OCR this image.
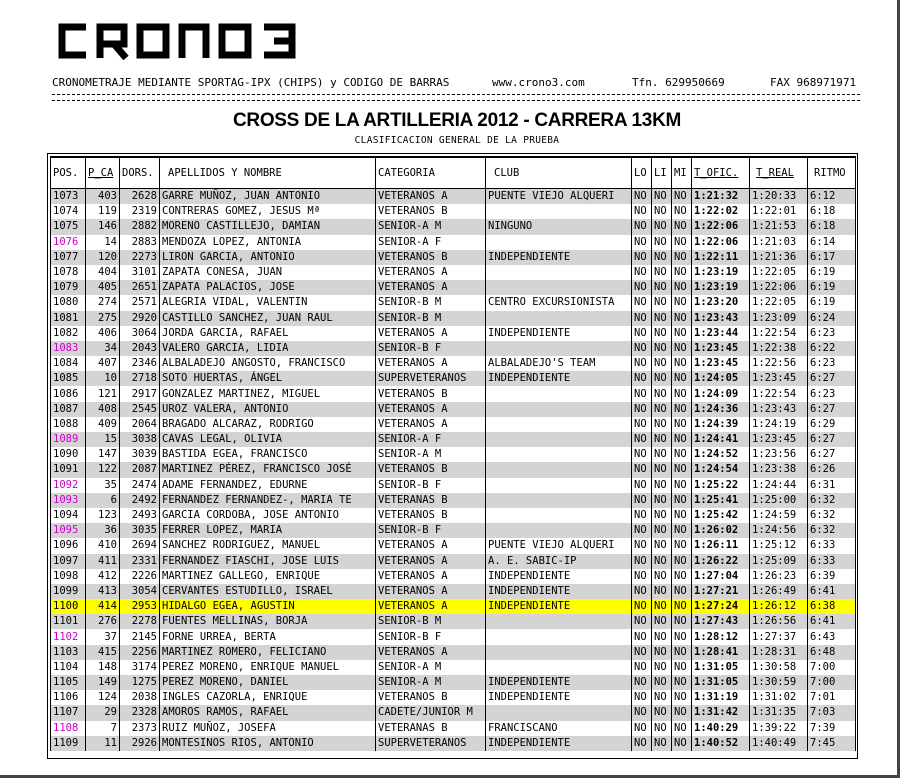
CRONOMETRAJE MEDIANTE SPORTAG-IPX (CHIPS) y CODIGO DE BARRAS	www.crono3.com	Tfn. 629950669	FAX 968971971
CROSS DE LA ARTILLERIA 2012 - CARRERA 13KM
CLASIFICACION GENERAL DE LA PRUEBA
POS.	P_CA	DORS.	APELLIDOS Y NOMBRE	CATEGORIA	CLUB	LO	LI	MI	T_OFIC.	T_REAL	RITMO
1073	403	2628	GARRE MUÑOZ, JUAN ANTONIO	VETERANOS A	PUENTE VIEJO ALQUERI	NO	NO	NO	1:21:32	1:20:33	6:12
1074	119	2319	CONTRERAS GOMEZ, JESUS Mª	VETERANOS B		NO	NO	NO	1:22:02	1:22:01	6:18
1075	146	2882	MORENO CASTILLEJO, DAMIAN	SENIOR-A M	NINGUNO	NO	NO	NO	1:22:06	1:21:53	6:18
1076	14	2883	MENDOZA LOPEZ, ANTONIA	SENIOR-A F		NO	NO	NO	1:22:06	1:21:03	6:14
1077	120	2273	LIRON GARCIA, ANTONIO	VETERANOS B	INDEPENDIENTE	NO	NO	NO	1:22:11	1:21:36	6:17
1078	404	3101	ZAPATA CONESA, JUAN	VETERANOS A		NO	NO	NO	1:23:19	1:22:05	6:19
1079	405	2651	ZAPATA PALACIOS, JOSE	VETERANOS A		NO	NO	NO	1:23:19	1:22:06	6:19
1080	274	2571	ALEGRIA VIDAL, VALENTIN	SENIOR-B M	CENTRO EXCURSIONISTA	NO	NO	NO	1:23:20	1:22:05	6:19
1081	275	2920	CASTILLO SANCHEZ, JUAN RAUL	SENIOR-B M		NO	NO	NO	1:23:43	1:23:09	6:24
1082	406	3064	JORDA GARCIA, RAFAEL	VETERANOS A	INDEPENDIENTE	NO	NO	NO	1:23:44	1:22:54	6:23
1083	34	2043	VALERO GARCIA, LIDIA	SENIOR-B F		NO	NO	NO	1:23:45	1:22:38	6:22
1084	407	2346	ALBALADEJO ANGOSTO, FRANCISCO	VETERANOS A	ALBALADEJO'S TEAM	NO	NO	NO	1:23:45	1:22:56	6:23
1085	10	2718	SOTO HUERTAS, ÁNGEL	SUPERVETERANOS	INDEPENDIENTE	NO	NO	NO	1:24:05	1:23:45	6:27
1086	121	2917	GONZALEZ MARTINEZ, MIGUEL	VETERANOS B		NO	NO	NO	1:24:09	1:22:54	6:23
1087	408	2545	UROZ VALERA, ANTONIO	VETERANOS A		NO	NO	NO	1:24:36	1:23:43	6:27
1088	409	2064	BRAGADO ALCARAZ, RODRIGO	VETERANOS A		NO	NO	NO	1:24:39	1:24:19	6:29
1089	15	3038	CAVAS LEGAL, OLIVIA	SENIOR-A F		NO	NO	NO	1:24:41	1:23:45	6:27
1090	147	3039	BASTIDA EGEA, FRANCISCO	SENIOR-A M		NO	NO	NO	1:24:52	1:23:56	6:27
1091	122	2087	MARTINEZ PÉREZ, FRANCISCO JOSÉ	VETERANOS B		NO	NO	NO	1:24:54	1:23:38	6:26
1092	35	2474	ADAME FERNANDEZ, EDURNE	SENIOR-B F		NO	NO	NO	1:25:22	1:24:44	6:31
1093	6	2492	FERNANDEZ FERNANDEZ-, MARIA TE	VETERANAS B		NO	NO	NO	1:25:41	1:25:00	6:32
1094	123	2493	GARCIA CORDOBA, JOSE ANTONIO	VETERANOS B		NO	NO	NO	1:25:42	1:24:59	6:32
1095	36	3035	FERRER LOPEZ, MARIA	SENIOR-B F		NO	NO	NO	1:26:02	1:24:56	6:32
1096	410	2694	SANCHEZ RODRIGUEZ, MANUEL	VETERANOS A	PUENTE VIEJO ALQUERI	NO	NO	NO	1:26:11	1:25:12	6:33
1097	411	2331	FERNANDEZ FIASCHI, JOSE LUIS	VETERANOS A	A. E. SABIC-IP	NO	NO	NO	1:26:22	1:25:09	6:33
1098	412	2226	MARTINEZ GALLEGO, ENRIQUE	VETERANOS A	INDEPENDIENTE	NO	NO	NO	1:27:04	1:26:23	6:39
1099	413	3054	CERVANTES ESTUDILLO, ISRAEL	VETERANOS A	INDEPENDIENTE	NO	NO	NO	1:27:21	1:26:49	6:41
1100	414	2953	HIDALGO EGEA, AGUSTIN	VETERANOS A	INDEPENDIENTE	NO	NO	NO	1:27:24	1:26:12	6:38
1101	276	2278	FUENTES MELLINAS, BORJA	SENIOR-B M		NO	NO	NO	1:27:43	1:26:56	6:41
1102	37	2145	FORNE URREA, BERTA	SENIOR-B F		NO	NO	NO	1:28:12	1:27:37	6:43
1103	415	2256	MARTINEZ ROMERO, FELICIANO	VETERANOS A		NO	NO	NO	1:28:41	1:28:31	6:48
1104	148	3174	PEREZ MORENO, ENRIQUE MANUEL	SENIOR-A M		NO	NO	NO	1:31:05	1:30:58	7:00
1105	149	1275	PEREZ MORENO, DANIEL	SENIOR-A M	INDEPENDIENTE	NO	NO	NO	1:31:05	1:30:59	7:00
1106	124	2038	INGLES CAZORLA, ENRIQUE	VETERANOS B	INDEPENDIENTE	NO	NO	NO	1:31:19	1:31:02	7:01
1107	29	2328	AMOROS RAMOS, RAFAEL	CADETE/JUNIOR M		NO	NO	NO	1:31:42	1:31:35	7:03
1108	7	2373	RUIZ MUÑOZ, JOSEFA	VETERANAS B	FRANCISCANO	NO	NO	NO	1:40:29	1:39:22	7:39
1109	11	2926	MONTESINOS RIOS, ANTONIO	SUPERVETERANOS	INDEPENDIENTE	NO	NO	NO	1:40:52	1:40:49	7:45
